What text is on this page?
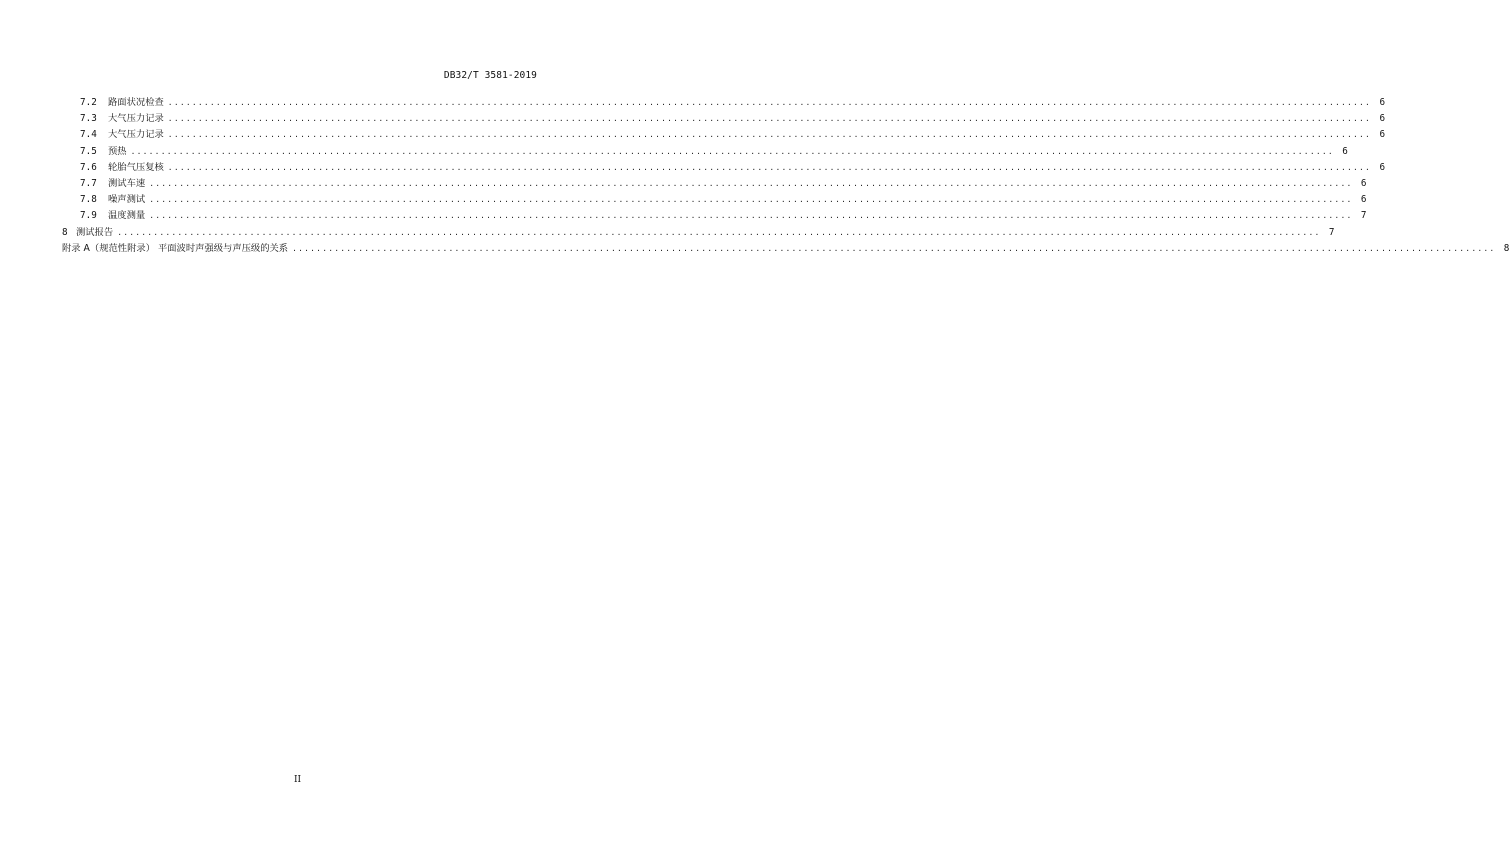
DB32/T 3581-2019
7.2	路面状况检查 ........................................................................................................................................................................................................ 6
7.3	大气压力记录 ........................................................................................................................................................................................................ 6
7.4	大气压力记录 ........................................................................................................................................................................................................ 6
7.5	预热 ........................................................................................................................................................................................................ 6
7.6	轮胎气压复核 ........................................................................................................................................................................................................ 6
7.7	测试车速 ........................................................................................................................................................................................................ 6
7.8	噪声测试 ........................................................................................................................................................................................................ 6
7.9	温度测量 ........................................................................................................................................................................................................ 7
8 测试报告 ........................................................................................................................................................................................................ 7
附录 A（规范性附录） 平面波时声强级与声压级的关系 ........................................................................................................................................................................................................ 8
II
